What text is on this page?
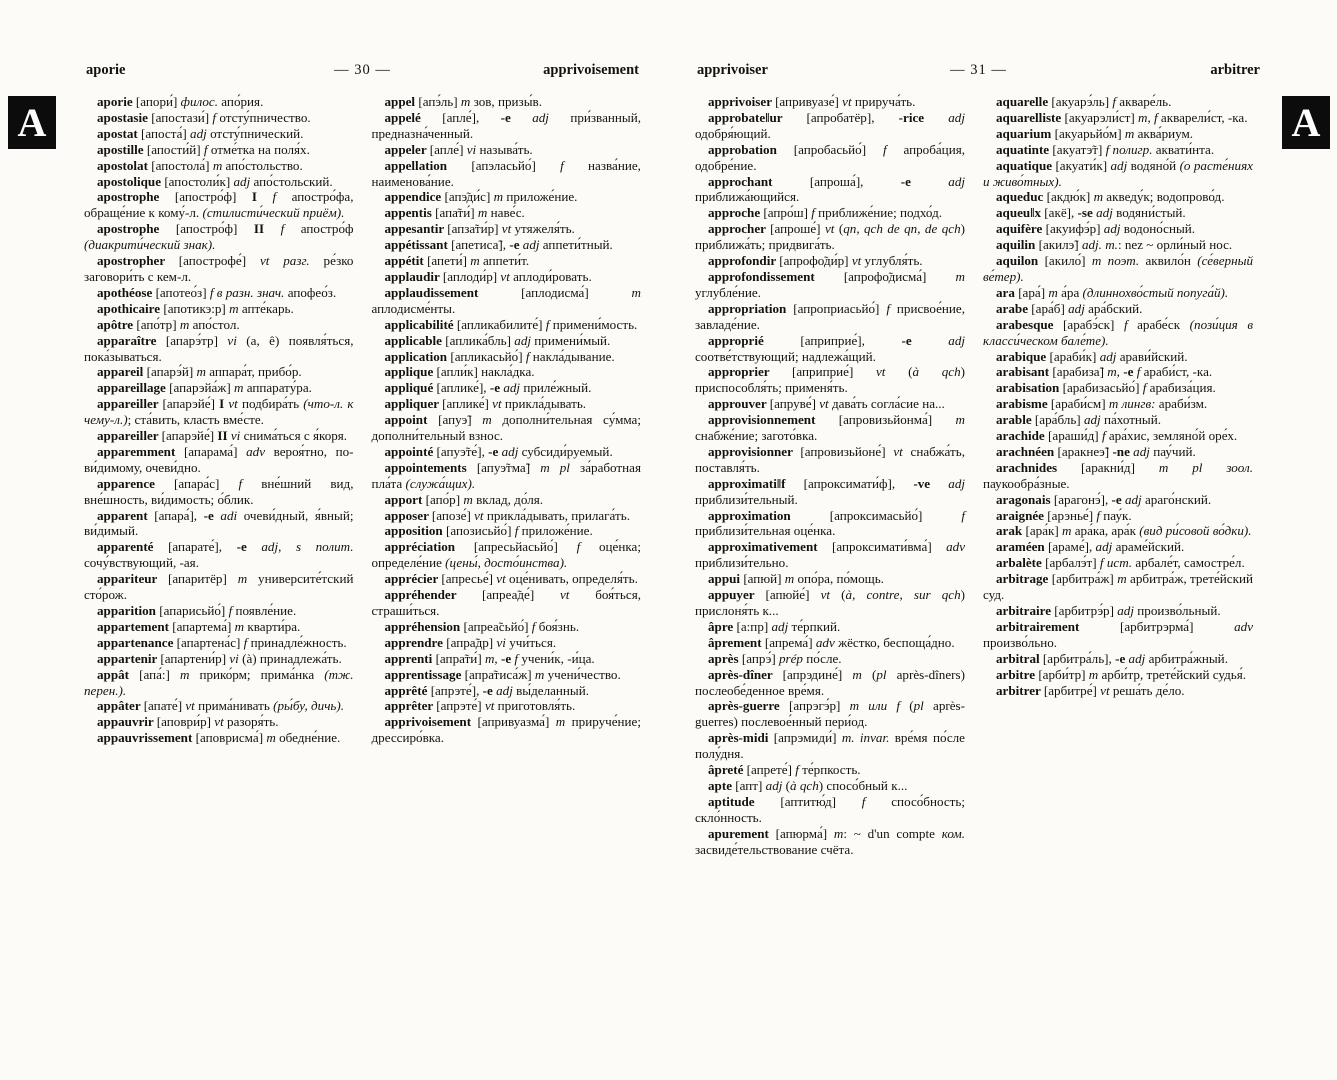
A	A
aporie	— 30 —	apprivoisement

aporie [апори́] филос. апо́рия.

apostasie [апостази́] f отсту́пничество.

apostat [апоста́] adj отсту́пнический.

apostille [апости́й] f отме́тка на поля́х.

apostolat [апостола́] m апо́стольство.

apostolique [апостоли́к] adj апо́стольский.

apostrophe [апостро́ф] I f апостро́фа, обраще́ние к кому́-л. (стилисти́ческий приём).

apostrophe [апостро́ф] II f апостро́ф (диакрити́ческий знак).

apostropher [апострофе́] vt разг. ре́зко заговори́ть с кем-л.

apothéose [апотео́з] f в разн. знач. апофео́з.

apothicaire [апотикэ:р] m апте́карь.

apôtre [апо́тр] m апо́стол.

apparaître [апарэ́тр] vi (a, ê) появля́ться, пока́зываться.

appareil [апарэ́й] m аппара́т, прибо́р.

appareillage [апарэйа́ж] m аппарату́ра.

appareiller [апарэйе́] I vt подбира́ть (что-л. к чему-л.); ста́вить, класть вме́сте.

appareiller [апарэйе́] II vi снима́ться с я́коря.

apparemment [апарама́] adv вероя́тно, по-ви́димому, очеви́дно.

apparence [апара́с] f вне́шний вид, вне́шность, ви́димость; о́блик.

apparent [апара́], -e adi очеви́дный, я́вный; ви́димый.

apparenté [апарате́], -e adj, s полит. сочу́вствующий, -ая.

appariteur [апаритёр] m университе́тский сто́рож.

apparition [апарисьйо́] f появле́ние.

appartement [апартема́] m кварти́ра.

appartenance [апартена́с] f принадле́жность.

appartenir [апартени́р] vi (à) принадлежа́ть.

appât [апа́:] m прико́рм; прима́нка (тж. перен.).

appâter [апате́] vt прима́нивать (ры́бу, дичь).

appauvrir [аповри́р] vt разоря́ть.

appauvrissement [аповрисма́] m обедне́ние.

appel [апэ́ль] m зов, призы́в.

appelé [апле́], -e adj при́званный, предназна́ченный.

appeler [апле́] vi называ́ть.

appellation [апэласьйо́] f назва́ние, наименова́ние.

appendice [апэ̃ди́с] m приложе́ние.

appentis [апа̃ти́] m наве́с.

appesantir [апза̃ти́р] vt утяжеля́ть.

appétissant [апетиса̃], -e adj аппети́тный.

appétit [апети́] m аппети́т.

applaudir [аплоди́р] vt аплоди́ровать.

applaudissement [аплодисма́] m аплодисме́нты.

applicabilité [апликабилите́] f примени́мость.

applicable [аплика́бль] adj примени́мый.

application [апликасьйо́] f накла́дывание.

applique [апли́к] накла́дка.

appliqué [аплике́], -e adj приле́жный.

appliquer [аплике́] vt прикла́дывать.

appoint [апуэ̃] m дополни́тельная су́мма; дополни́тельный взнос.

appointé [апуэ̃те́], -e adj субсиди́руемый.

appointements [апуэ̃тма̃] m pl за́работная пла́та (служа́щих).

apport [апо́р] m вклад, до́ля.

apposer [апозе́] vt прикла́дывать, прилага́ть.

apposition [апозисьйо́] f приложе́ние.

appréciation [апресьйасьйо́] f оце́нка; определе́ние (цены́, досто́инства).

apprécier [апресье́] vt оце́нивать, определя́ть.

appréhender [апреа̃де́] vt боя́ться, страши́ться.

appréhension [апреа̃сьйо́] f боя́знь.

apprendre [апра̃др] vi учи́ться.

apprenti [апра̃ти́] m, -e f учени́к, -и́ца.

apprentissage [апра̃тиса́ж] m учени́чество.

apprêté [апрэте́], -e adj вы́деланный.

apprêter [апрэте́] vt приготовля́ть.

apprivoisement [апривуазма́] m прируче́ние; дрессиро́вка.

apprivoiser	— 31 —	arbitrer

apprivoiser [апривуазе́] vt прируча́ть.

approbate‖ur [апробатёр], -rice adj одобря́ющий.

approbation [апробасьйо́] f апроба́ция, одобре́ние.

approchant [апроша́], -e adj приближа́ющийся.

approche [апро́ш] f приближе́ние; подхо́д.

approcher [апроше́] vt (qn, qch de qn, de qch) приближа́ть; придвига́ть.

approfondir [апрофо̃ди́р] vt углубля́ть.

approfondissement [апрофо̃дисма́] m углубле́ние.

appropriation [апроприасьйо́] f присвое́ние, завладе́ние.

approprié [априприе́], -e adj соотве́тствующий; надлежа́щий.

approprier [априприе́] vt (à qch) приспособля́ть; применя́ть.

approuver [апруве́] vt дава́ть согла́сие на...

approvisionnement [апровизьйонма́] m снабже́ние; загото́вка.

approvisionner [апровизьйоне́] vt снабжа́ть, поставля́ть.

approximati‖f [апроксимати́ф], -ve adj приблизи́тельный.

approximation [апроксимасьйо́] f приблизи́тельная оце́нка.

approximativement [апроксимати́вма́] adv приблизи́тельно.

appui [апюй] m опо́ра, по́мощь.

appuyer [апюйе́] vt (à, contre, sur qch) прислоня́ть к...

âpre [а:пр] adj те́рпкий.

âprement [апрема́] adv жёстко, беспоща́дно.

après [апрэ́] prép по́сле.

après-dîner [апрэдине́] m (pl après-dîners) послеобе́денное вре́мя.

après-guerre [апрэгэ́р] m или f (pl après-guerres) послевое́нный пери́од.

après-midi [апрэмиди́] m. invar. вре́мя по́сле полу́дня.

âpreté [апрете́] f те́рпкость.

apte [апт] adj (à qch) спосо́бный к...

aptitude [аптитю́д] f спосо́бность; скло́нность.

apurement [апюрма́] m: ~ d'un compte ком. засвиде́тельствование счёта.

aquarelle [акуарэ́ль] f акваре́ль.

aquarelliste [акуарэли́ст] m, f акварели́ст, -ка.

aquarium [акуарьйо́м] m аква́риум.

aquatinte [акуатэ̃т] f полигр. аквати́нта.

aquatique [акуати́к] adj водяно́й (о расте́ниях и живо́тных).

aqueduc [акдю́к] m акведу́к; водопрово́д.

aqueu‖x [акё], -se adj водяни́стый.

aquifère [акуифэ́р] adj водоно́сный.

aquilin [акилэ̃] adj. m.: nez ~ орли́ный нос.

aquilon [акило́] m поэт. аквило́н (се́верный ве́тер).

ara [ара́] m а́ра (длиннохво́стый попуга́й).

arabe [ара́б] adj ара́бский.

arabesque [арабэ́ск] f арабе́ск (пози́ция в класси́ческом бале́те).

arabique [араби́к] adj арави́йский.

arabisant [арабиза̃] m, -e f араби́ст, -ка.

arabisation [арабизасьйо́] f арабиза́ция.

arabisme [араби́см] m лингв: араби́зм.

arable [ара́бль] adj па́хотный.

arachide [араши́д] f ара́хис, земляно́й оре́х.

arachnéen [аракнеэ̃] -ne adj пау́чий.

arachnides [аракни́д] m pl зоол. паукообра́зные.

aragonais [арагонэ́], -e adj араго́нский.

araignée [арэнье́] f пау́к.

arak [ара́к] m ара́ка, ара́к (вид ри́совой во́дки).

araméen [араме́], adj араме́йский.

arbalète [арбалэ́т] f ист. арбале́т, самостре́л.

arbitrage [арбитра́ж] m арбитра́ж, трете́йский суд.

arbitraire [арбитрэ́р] adj произво́льный.

arbitrairement [арбитрэрма́] adv произво́льно.

arbitral [арбитра́ль], -e adj арбитра́жный.

arbitre [арби́тр] m арби́тр, трете́йский судья́.

arbitrer [арбитре́] vt реша́ть де́ло.
